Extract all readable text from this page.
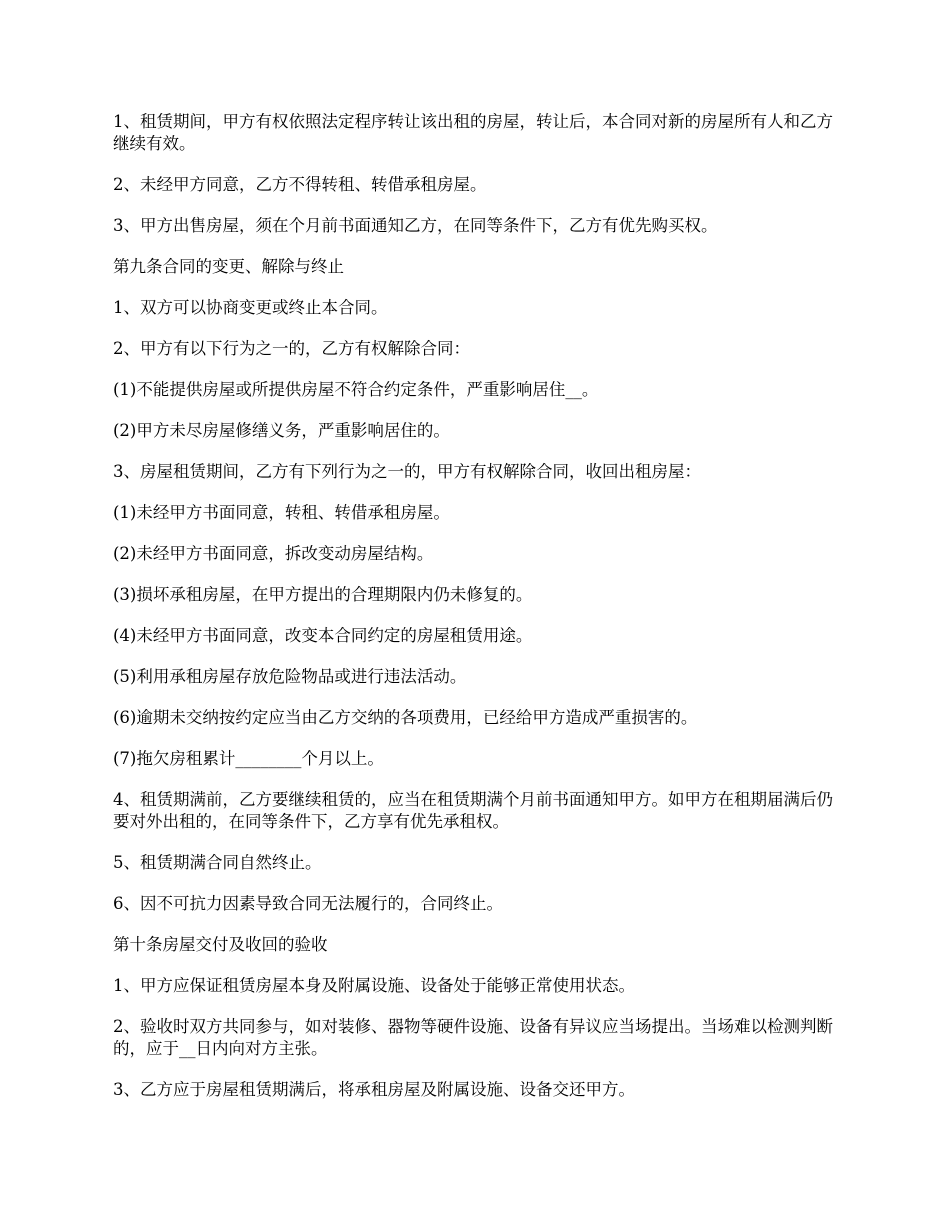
1、租赁期间，甲方有权依照法定程序转让该出租的房屋，转让后，本合同对新的房屋所有人和乙方继续有效。

2、未经甲方同意，乙方不得转租、转借承租房屋。

3、甲方出售房屋，须在个月前书面通知乙方，在同等条件下，乙方有优先购买权。

第九条合同的变更、解除与终止

1、双方可以协商变更或终止本合同。

2、甲方有以下行为之一的，乙方有权解除合同：

(1)不能提供房屋或所提供房屋不符合约定条件，严重影响居住__。

(2)甲方未尽房屋修缮义务，严重影响居住的。

3、房屋租赁期间，乙方有下列行为之一的，甲方有权解除合同，收回出租房屋：

(1)未经甲方书面同意，转租、转借承租房屋。

(2)未经甲方书面同意，拆改变动房屋结构。

(3)损坏承租房屋，在甲方提出的合理期限内仍未修复的。

(4)未经甲方书面同意，改变本合同约定的房屋租赁用途。

(5)利用承租房屋存放危险物品或进行违法活动。

(6)逾期未交纳按约定应当由乙方交纳的各项费用，已经给甲方造成严重损害的。

(7)拖欠房租累计________个月以上。

4、租赁期满前，乙方要继续租赁的，应当在租赁期满个月前书面通知甲方。如甲方在租期届满后仍要对外出租的，在同等条件下，乙方享有优先承租权。

5、租赁期满合同自然终止。

6、因不可抗力因素导致合同无法履行的，合同终止。

第十条房屋交付及收回的验收

1、甲方应保证租赁房屋本身及附属设施、设备处于能够正常使用状态。

2、验收时双方共同参与，如对装修、器物等硬件设施、设备有异议应当场提出。当场难以检测判断的，应于__日内向对方主张。

3、乙方应于房屋租赁期满后，将承租房屋及附属设施、设备交还甲方。
